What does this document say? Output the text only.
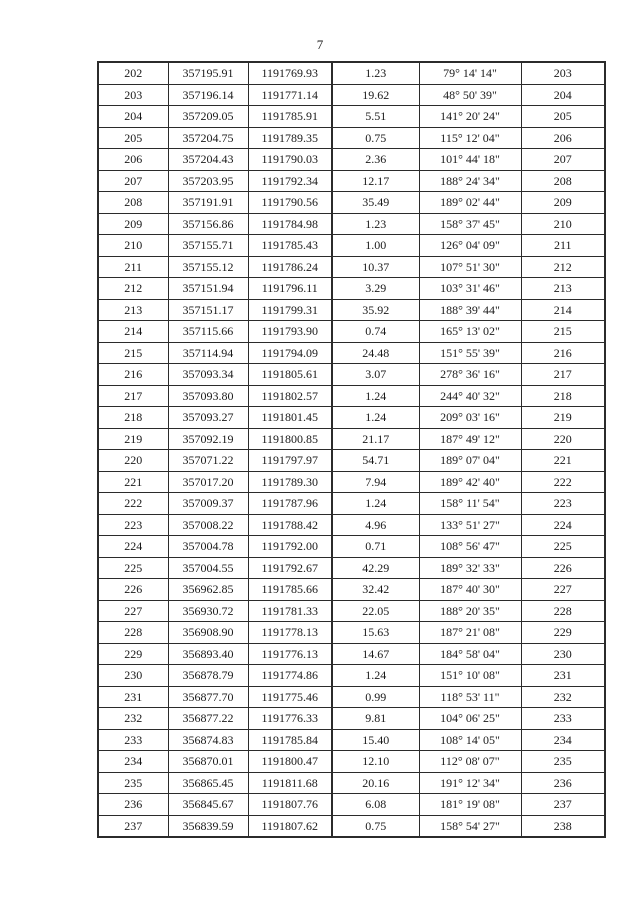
7
202	357195.91	1191769.93	1.23	79° 14' 14"	203
203	357196.14	1191771.14	19.62	48° 50' 39"	204
204	357209.05	1191785.91	5.51	141° 20' 24"	205
205	357204.75	1191789.35	0.75	115° 12' 04"	206
206	357204.43	1191790.03	2.36	101° 44' 18"	207
207	357203.95	1191792.34	12.17	188° 24' 34"	208
208	357191.91	1191790.56	35.49	189° 02' 44"	209
209	357156.86	1191784.98	1.23	158° 37' 45"	210
210	357155.71	1191785.43	1.00	126° 04' 09"	211
211	357155.12	1191786.24	10.37	107° 51' 30"	212
212	357151.94	1191796.11	3.29	103° 31' 46"	213
213	357151.17	1191799.31	35.92	188° 39' 44"	214
214	357115.66	1191793.90	0.74	165° 13' 02"	215
215	357114.94	1191794.09	24.48	151° 55' 39"	216
216	357093.34	1191805.61	3.07	278° 36' 16"	217
217	357093.80	1191802.57	1.24	244° 40' 32"	218
218	357093.27	1191801.45	1.24	209° 03' 16"	219
219	357092.19	1191800.85	21.17	187° 49' 12"	220
220	357071.22	1191797.97	54.71	189° 07' 04"	221
221	357017.20	1191789.30	7.94	189° 42' 40"	222
222	357009.37	1191787.96	1.24	158° 11' 54"	223
223	357008.22	1191788.42	4.96	133° 51' 27"	224
224	357004.78	1191792.00	0.71	108° 56' 47"	225
225	357004.55	1191792.67	42.29	189° 32' 33"	226
226	356962.85	1191785.66	32.42	187° 40' 30"	227
227	356930.72	1191781.33	22.05	188° 20' 35"	228
228	356908.90	1191778.13	15.63	187° 21' 08"	229
229	356893.40	1191776.13	14.67	184° 58' 04"	230
230	356878.79	1191774.86	1.24	151° 10' 08"	231
231	356877.70	1191775.46	0.99	118° 53' 11"	232
232	356877.22	1191776.33	9.81	104° 06' 25"	233
233	356874.83	1191785.84	15.40	108° 14' 05"	234
234	356870.01	1191800.47	12.10	112° 08' 07"	235
235	356865.45	1191811.68	20.16	191° 12' 34"	236
236	356845.67	1191807.76	6.08	181° 19' 08"	237
237	356839.59	1191807.62	0.75	158° 54' 27"	238
